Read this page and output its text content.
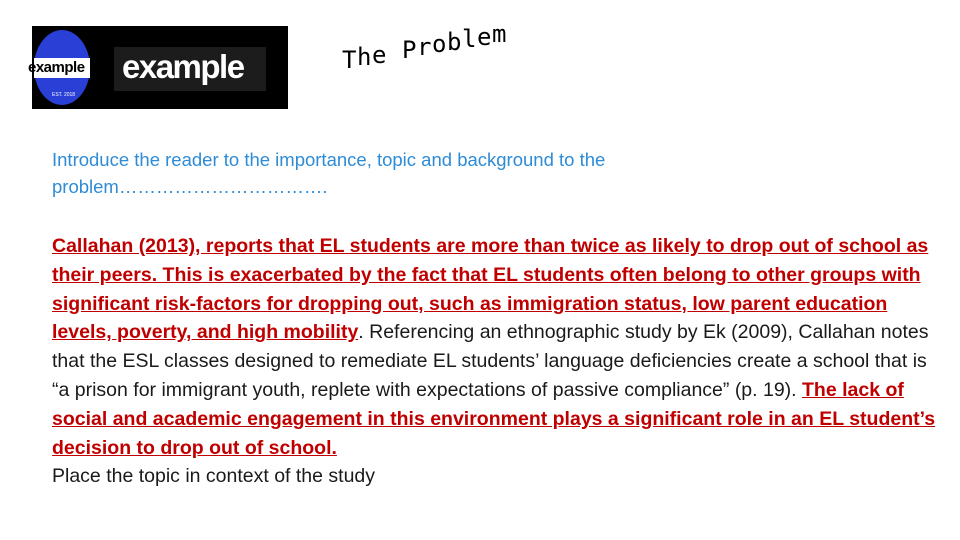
example
EST. 2018
example	T h e
P r o b l e m

Introduce the reader to the importance, topic and background to the problem…………………………….

Callahan (2013), reports that EL students are more than twice as likely to drop out of school as their peers. This is exacerbated by the fact that EL students often belong to other groups with significant risk-factors for dropping out, such as immigration status, low parent education levels, poverty, and high mobility. Referencing an ethnographic study by Ek (2009), Callahan notes that the ESL classes designed to remediate EL students’ language deficiencies create a school that is “a prison for immigrant youth, replete with expectations of passive compliance” (p. 19). The lack of social and academic engagement in this environment plays a significant role in an EL student’s decision to drop out of school.
Place the topic in context of the study
